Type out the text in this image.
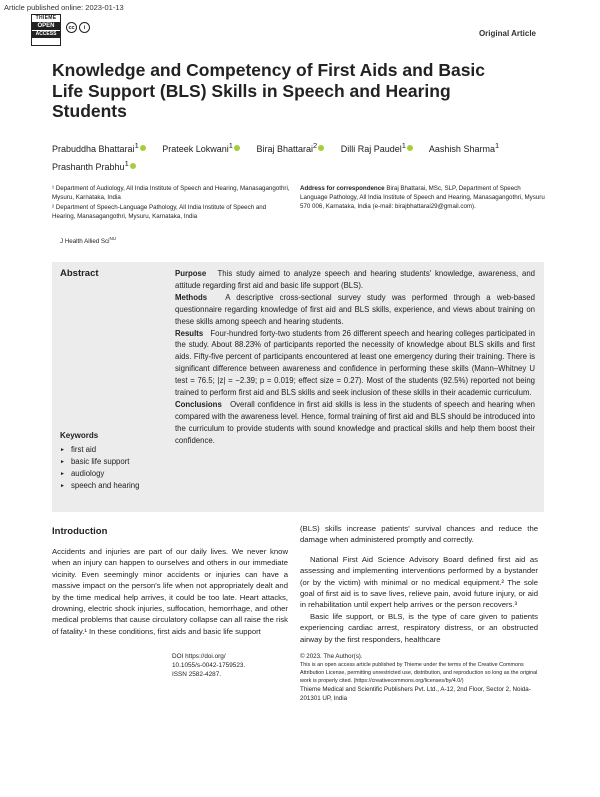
Article published online: 2023-01-13
THIEME
OPEN
ACCESS
cc	i
Original Article
Knowledge and Competency of First Aids and Basic Life Support (BLS) Skills in Speech and Hearing Students
Prabuddha Bhattarai$^1$	Prateek Lokwani$^1$	Biraj Bhattarai$^2$	Dilli Raj Paudel$^1$	Aashish Sharma$^1$
Prashanth Prabhu$^1$

¹ Department of Audiology, All India Institute of Speech and Hearing, Manasagangothri, Mysuru, Karnataka, India

² Department of Speech-Language Pathology, All India Institute of Speech and Hearing, Manasagangothri, Mysuru, Karnataka, India

Address for correspondence Biraj Bhattarai, MSc, SLP, Department of Speech Language Pathology, All India Institute of Speech and Hearing, Manasagangothri, Mysuru 570 006, Karnataka, India (e-mail: birajbhattarai29@gmail.com).
J Health Allied Sci$^{NU}$
Abstract	Purpose This study aimed to analyze speech and hearing students' knowledge, awareness, and attitude regarding first aid and basic life support (BLS).

Methods A descriptive cross-sectional survey study was performed through a web-based questionnaire regarding knowledge of first aid and BLS skills, experience, and views about training on these skills among speech and hearing students.

Results Four-hundred forty-two students from 26 different speech and hearing colleges participated in the study. About 88.23% of participants reported the necessity of knowledge about BLS skills and first aids. Fifty-five percent of participants encountered at least one emergency during their training. There is significant difference between awareness and confidence in performing these skills (Mann–Whitney U test = 76.5; |z| = −2.39; p = 0.019; effect size = 0.27). Most of the students (92.5%) reported not being trained to perform first aid and BLS skills and seek inclusion of these skills in their academic curriculum.

Conclusions Overall confidence in first aid skills is less in the students of speech and hearing when compared with the awareness level. Hence, formal training of first aid and BLS should be introduced into the curriculum to provide students with sound knowledge and practical skills and help them boost their confidence.

Keywords
► first aid
► basic life support
► audiology
► speech and hearing
Introduction

Accidents and injuries are part of our daily lives. We never know when an injury can happen to ourselves and others in our immediate vicinity. Even seemingly minor accidents or injuries can have a massive impact on the person's life when not appropriately dealt and by the time medical help arrives, it could be too late. Heart attacks, drowning, electric shock injuries, suffocation, hemorrhage, and other medical problems that cause circulatory collapse can all raise the risk of fatality.¹ In these conditions, first aids and basic life support

(BLS) skills increase patients' survival chances and reduce the damage when administered promptly and correctly.

National First Aid Science Advisory Board defined first aid as assessing and implementing interventions performed by a bystander (or by the victim) with minimal or no medical equipment.² The sole goal of first aid is to save lives, relieve pain, avoid future injury, or aid in rehabilitation until expert help arrives or the person recovers.³

Basic life support, or BLS, is the type of care given to patients experiencing cardiac arrest, respiratory distress, or an obstructed airway by the first responders, healthcare

DOI https://doi.org/
10.1055/s-0042-1759523.
ISSN 2582-4287.
© 2023. The Author(s).
This is an open access article published by Thieme under the terms of the Creative Commons Attribution License, permitting unrestricted use, distribution, and reproduction so long as the original work is properly cited. (https://creativecommons.org/licenses/by/4.0/)
Thieme Medical and Scientific Publishers Pvt. Ltd., A-12, 2nd Floor, Sector 2, Noida-201301 UP, India
